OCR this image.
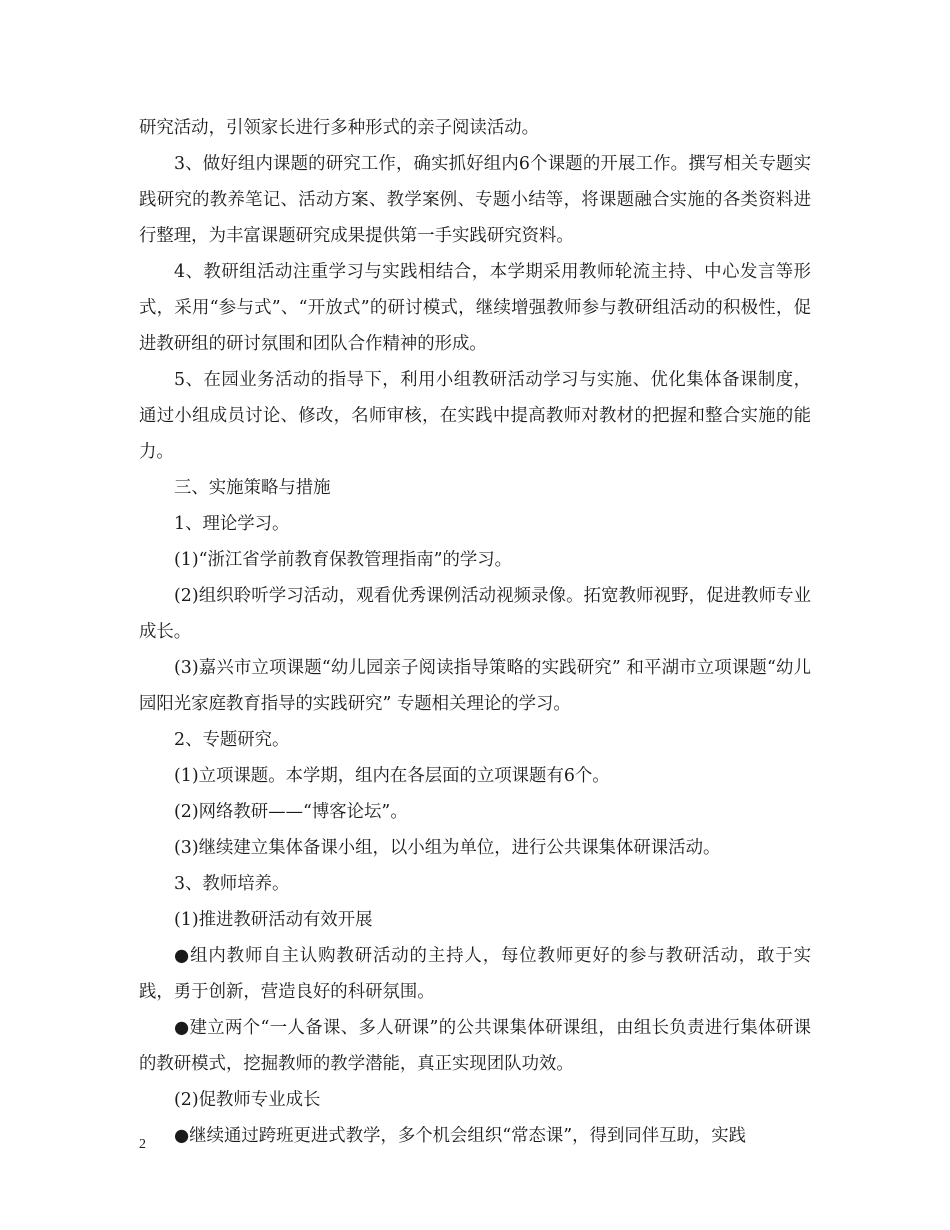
研究活动，引领家长进行多种形式的亲子阅读活动。

3、做好组内课题的研究工作，确实抓好组内6个课题的开展工作。撰写相关专题实践研究的教养笔记、活动方案、教学案例、专题小结等，将课题融合实施的各类资料进行整理，为丰富课题研究成果提供第一手实践研究资料。

4、教研组活动注重学习与实践相结合，本学期采用教师轮流主持、中心发言等形式，采用“参与式”、“开放式”的研讨模式，继续增强教师参与教研组活动的积极性，促进教研组的研讨氛围和团队合作精神的形成。

5、在园业务活动的指导下，利用小组教研活动学习与实施、优化集体备课制度，通过小组成员讨论、修改，名师审核，在实践中提高教师对教材的把握和整合实施的能力。

三、实施策略与措施

1、理论学习。

(1)“浙江省学前教育保教管理指南”的学习。

(2)组织聆听学习活动，观看优秀课例活动视频录像。拓宽教师视野，促进教师专业成长。

(3)嘉兴市立项课题“幼儿园亲子阅读指导策略的实践研究” 和平湖市立项课题“幼儿园阳光家庭教育指导的实践研究” 专题相关理论的学习。

2、专题研究。

(1)立项课题。本学期，组内在各层面的立项课题有6个。

(2)网络教研——“博客论坛”。

(3)继续建立集体备课小组，以小组为单位，进行公共课集体研课活动。

3、教师培养。

(1)推进教研活动有效开展

●组内教师自主认购教研活动的主持人，每位教师更好的参与教研活动，敢于实践，勇于创新，营造良好的科研氛围。

●建立两个“一人备课、多人研课”的公共课集体研课组，由组长负责进行集体研课的教研模式，挖掘教师的教学潜能，真正实现团队功效。

(2)促教师专业成长

●继续通过跨班更进式教学，多个机会组织“常态课”，得到同伴互助，实践

2
